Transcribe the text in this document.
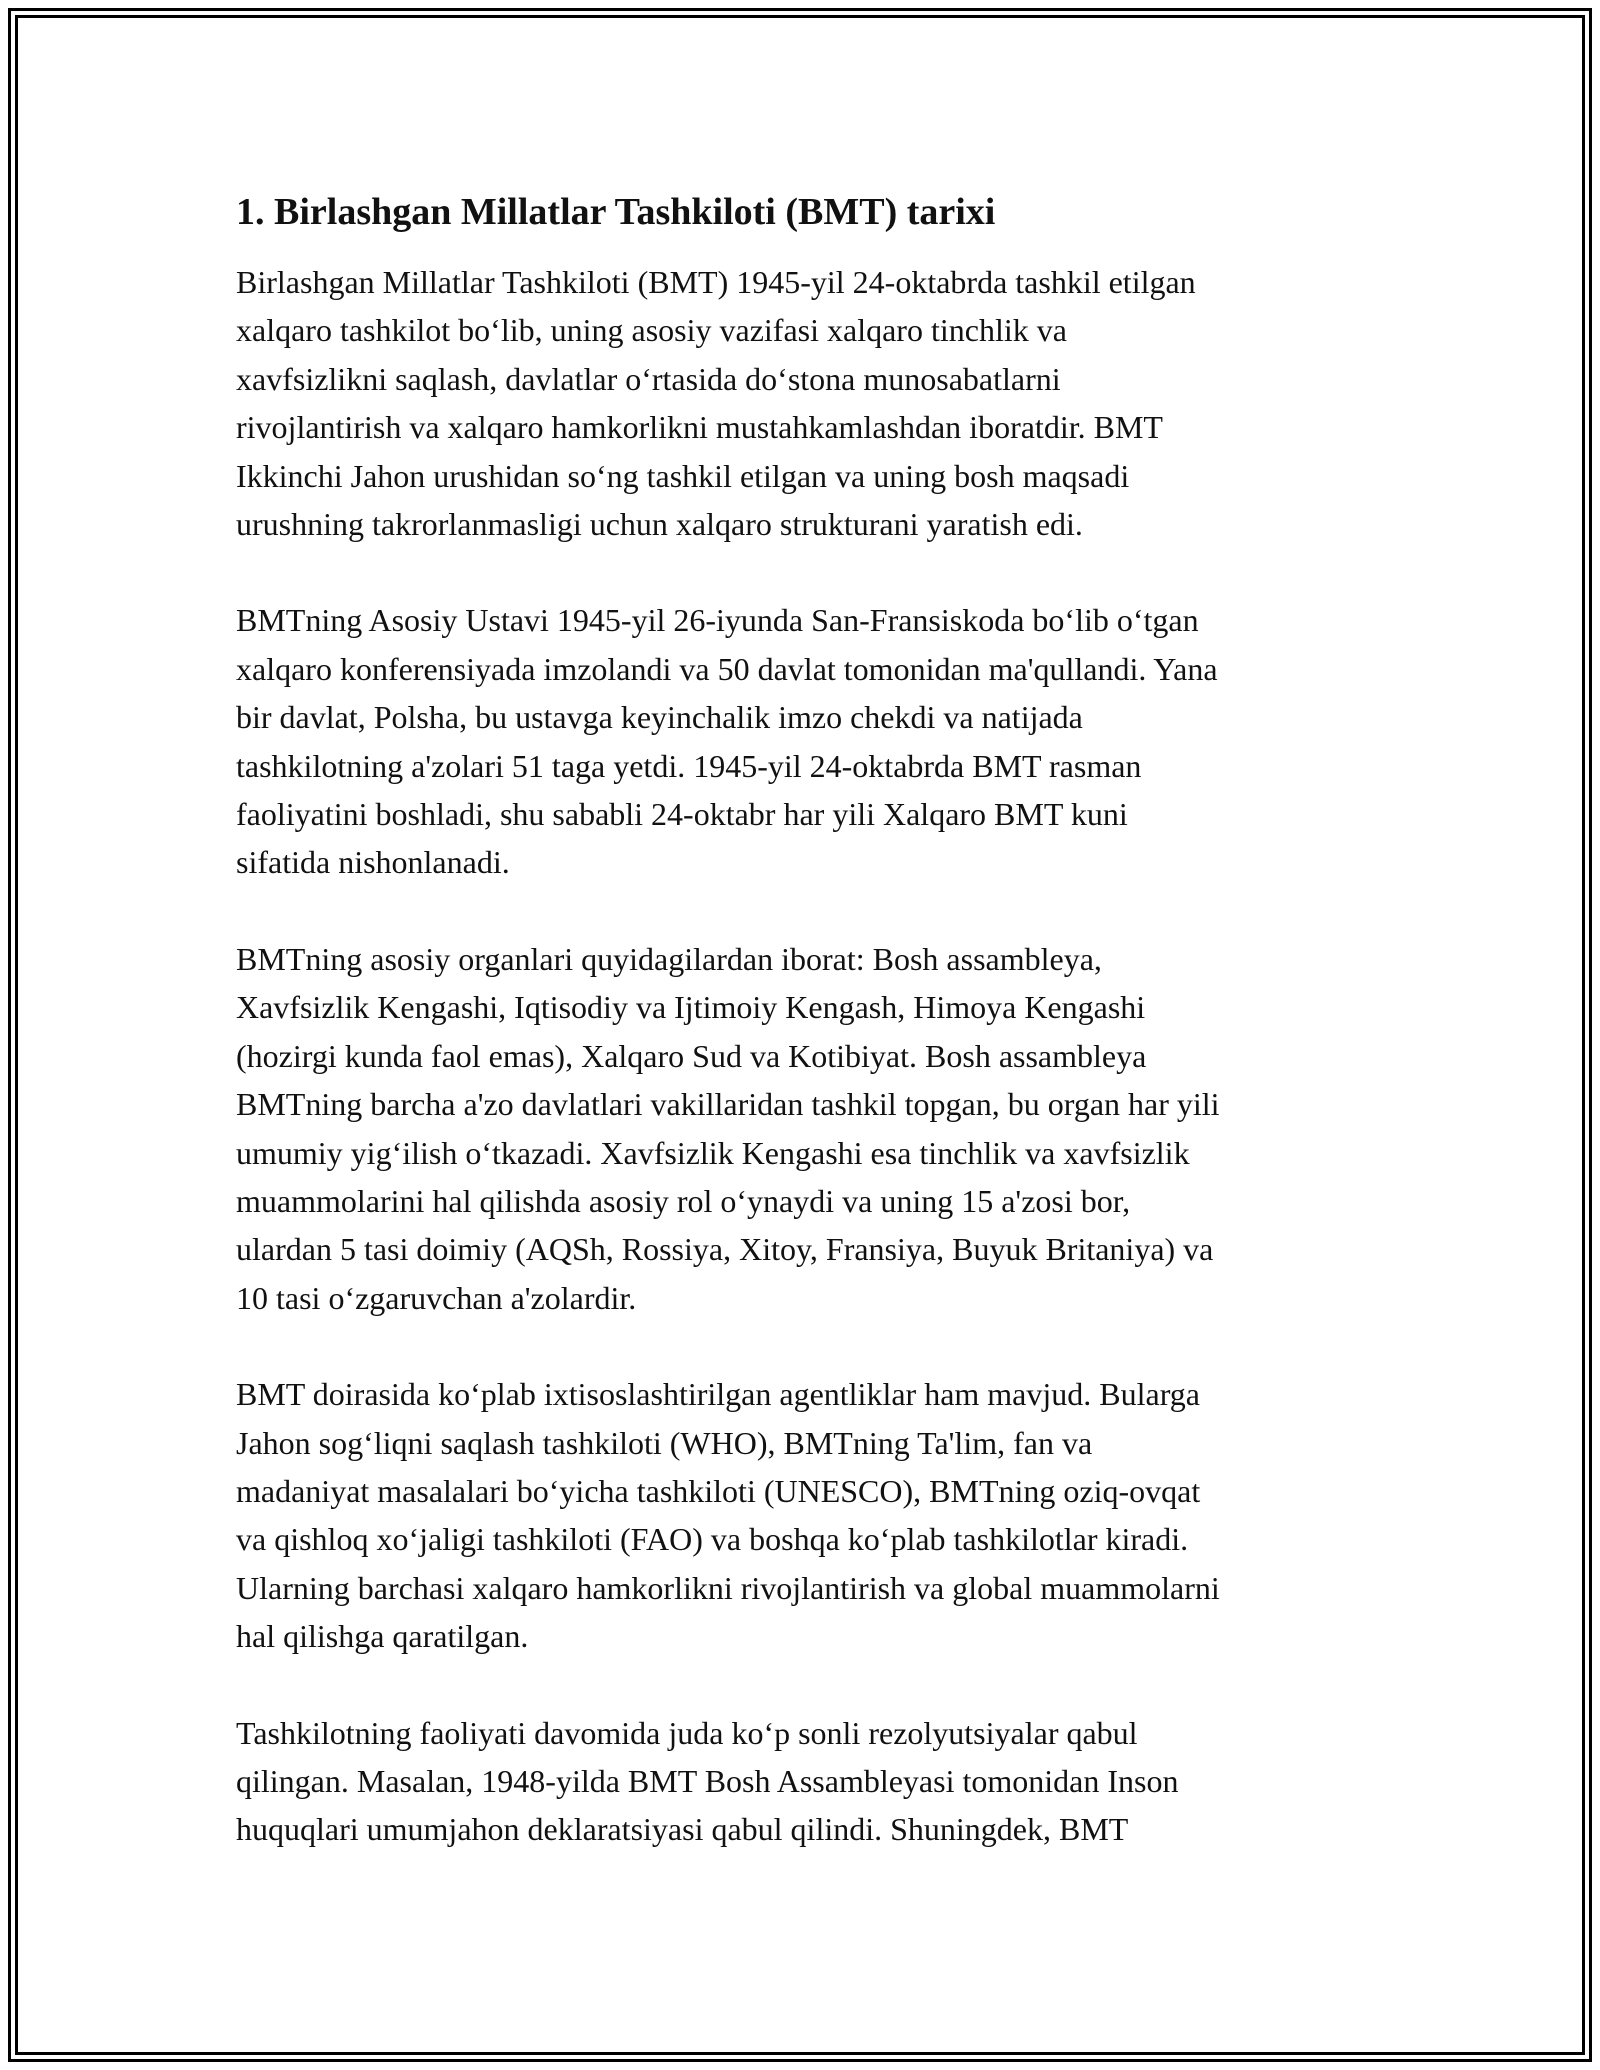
1. Birlashgan Millatlar Tashkiloti (BMT) tarixi

Birlashgan Millatlar Tashkiloti (BMT) 1945-yil 24-oktabrda tashkil etilgan
xalqaro tashkilot bo‘lib, uning asosiy vazifasi xalqaro tinchlik va
xavfsizlikni saqlash, davlatlar o‘rtasida do‘stona munosabatlarni
rivojlantirish va xalqaro hamkorlikni mustahkamlashdan iboratdir. BMT
Ikkinchi Jahon urushidan so‘ng tashkil etilgan va uning bosh maqsadi
urushning takrorlanmasligi uchun xalqaro strukturani yaratish edi.

BMTning Asosiy Ustavi 1945-yil 26-iyunda San-Fransiskoda bo‘lib o‘tgan
xalqaro konferensiyada imzolandi va 50 davlat tomonidan ma'qullandi. Yana
bir davlat, Polsha, bu ustavga keyinchalik imzo chekdi va natijada
tashkilotning a'zolari 51 taga yetdi. 1945-yil 24-oktabrda BMT rasman
faoliyatini boshladi, shu sababli 24-oktabr har yili Xalqaro BMT kuni
sifatida nishonlanadi.

BMTning asosiy organlari quyidagilardan iborat: Bosh assambleya,
Xavfsizlik Kengashi, Iqtisodiy va Ijtimoiy Kengash, Himoya Kengashi
(hozirgi kunda faol emas), Xalqaro Sud va Kotibiyat. Bosh assambleya
BMTning barcha a'zo davlatlari vakillaridan tashkil topgan, bu organ har yili
umumiy yig‘ilish o‘tkazadi. Xavfsizlik Kengashi esa tinchlik va xavfsizlik
muammolarini hal qilishda asosiy rol o‘ynaydi va uning 15 a'zosi bor,
ulardan 5 tasi doimiy (AQSh, Rossiya, Xitoy, Fransiya, Buyuk Britaniya) va
10 tasi o‘zgaruvchan a'zolardir.

BMT doirasida ko‘plab ixtisoslashtirilgan agentliklar ham mavjud. Bularga
Jahon sog‘liqni saqlash tashkiloti (WHO), BMTning Ta'lim, fan va
madaniyat masalalari bo‘yicha tashkiloti (UNESCO), BMTning oziq-ovqat
va qishloq xo‘jaligi tashkiloti (FAO) va boshqa ko‘plab tashkilotlar kiradi.
Ularning barchasi xalqaro hamkorlikni rivojlantirish va global muammolarni
hal qilishga qaratilgan.

Tashkilotning faoliyati davomida juda ko‘p sonli rezolyutsiyalar qabul
qilingan. Masalan, 1948-yilda BMT Bosh Assambleyasi tomonidan Inson
huquqlari umumjahon deklaratsiyasi qabul qilindi. Shuningdek, BMT
